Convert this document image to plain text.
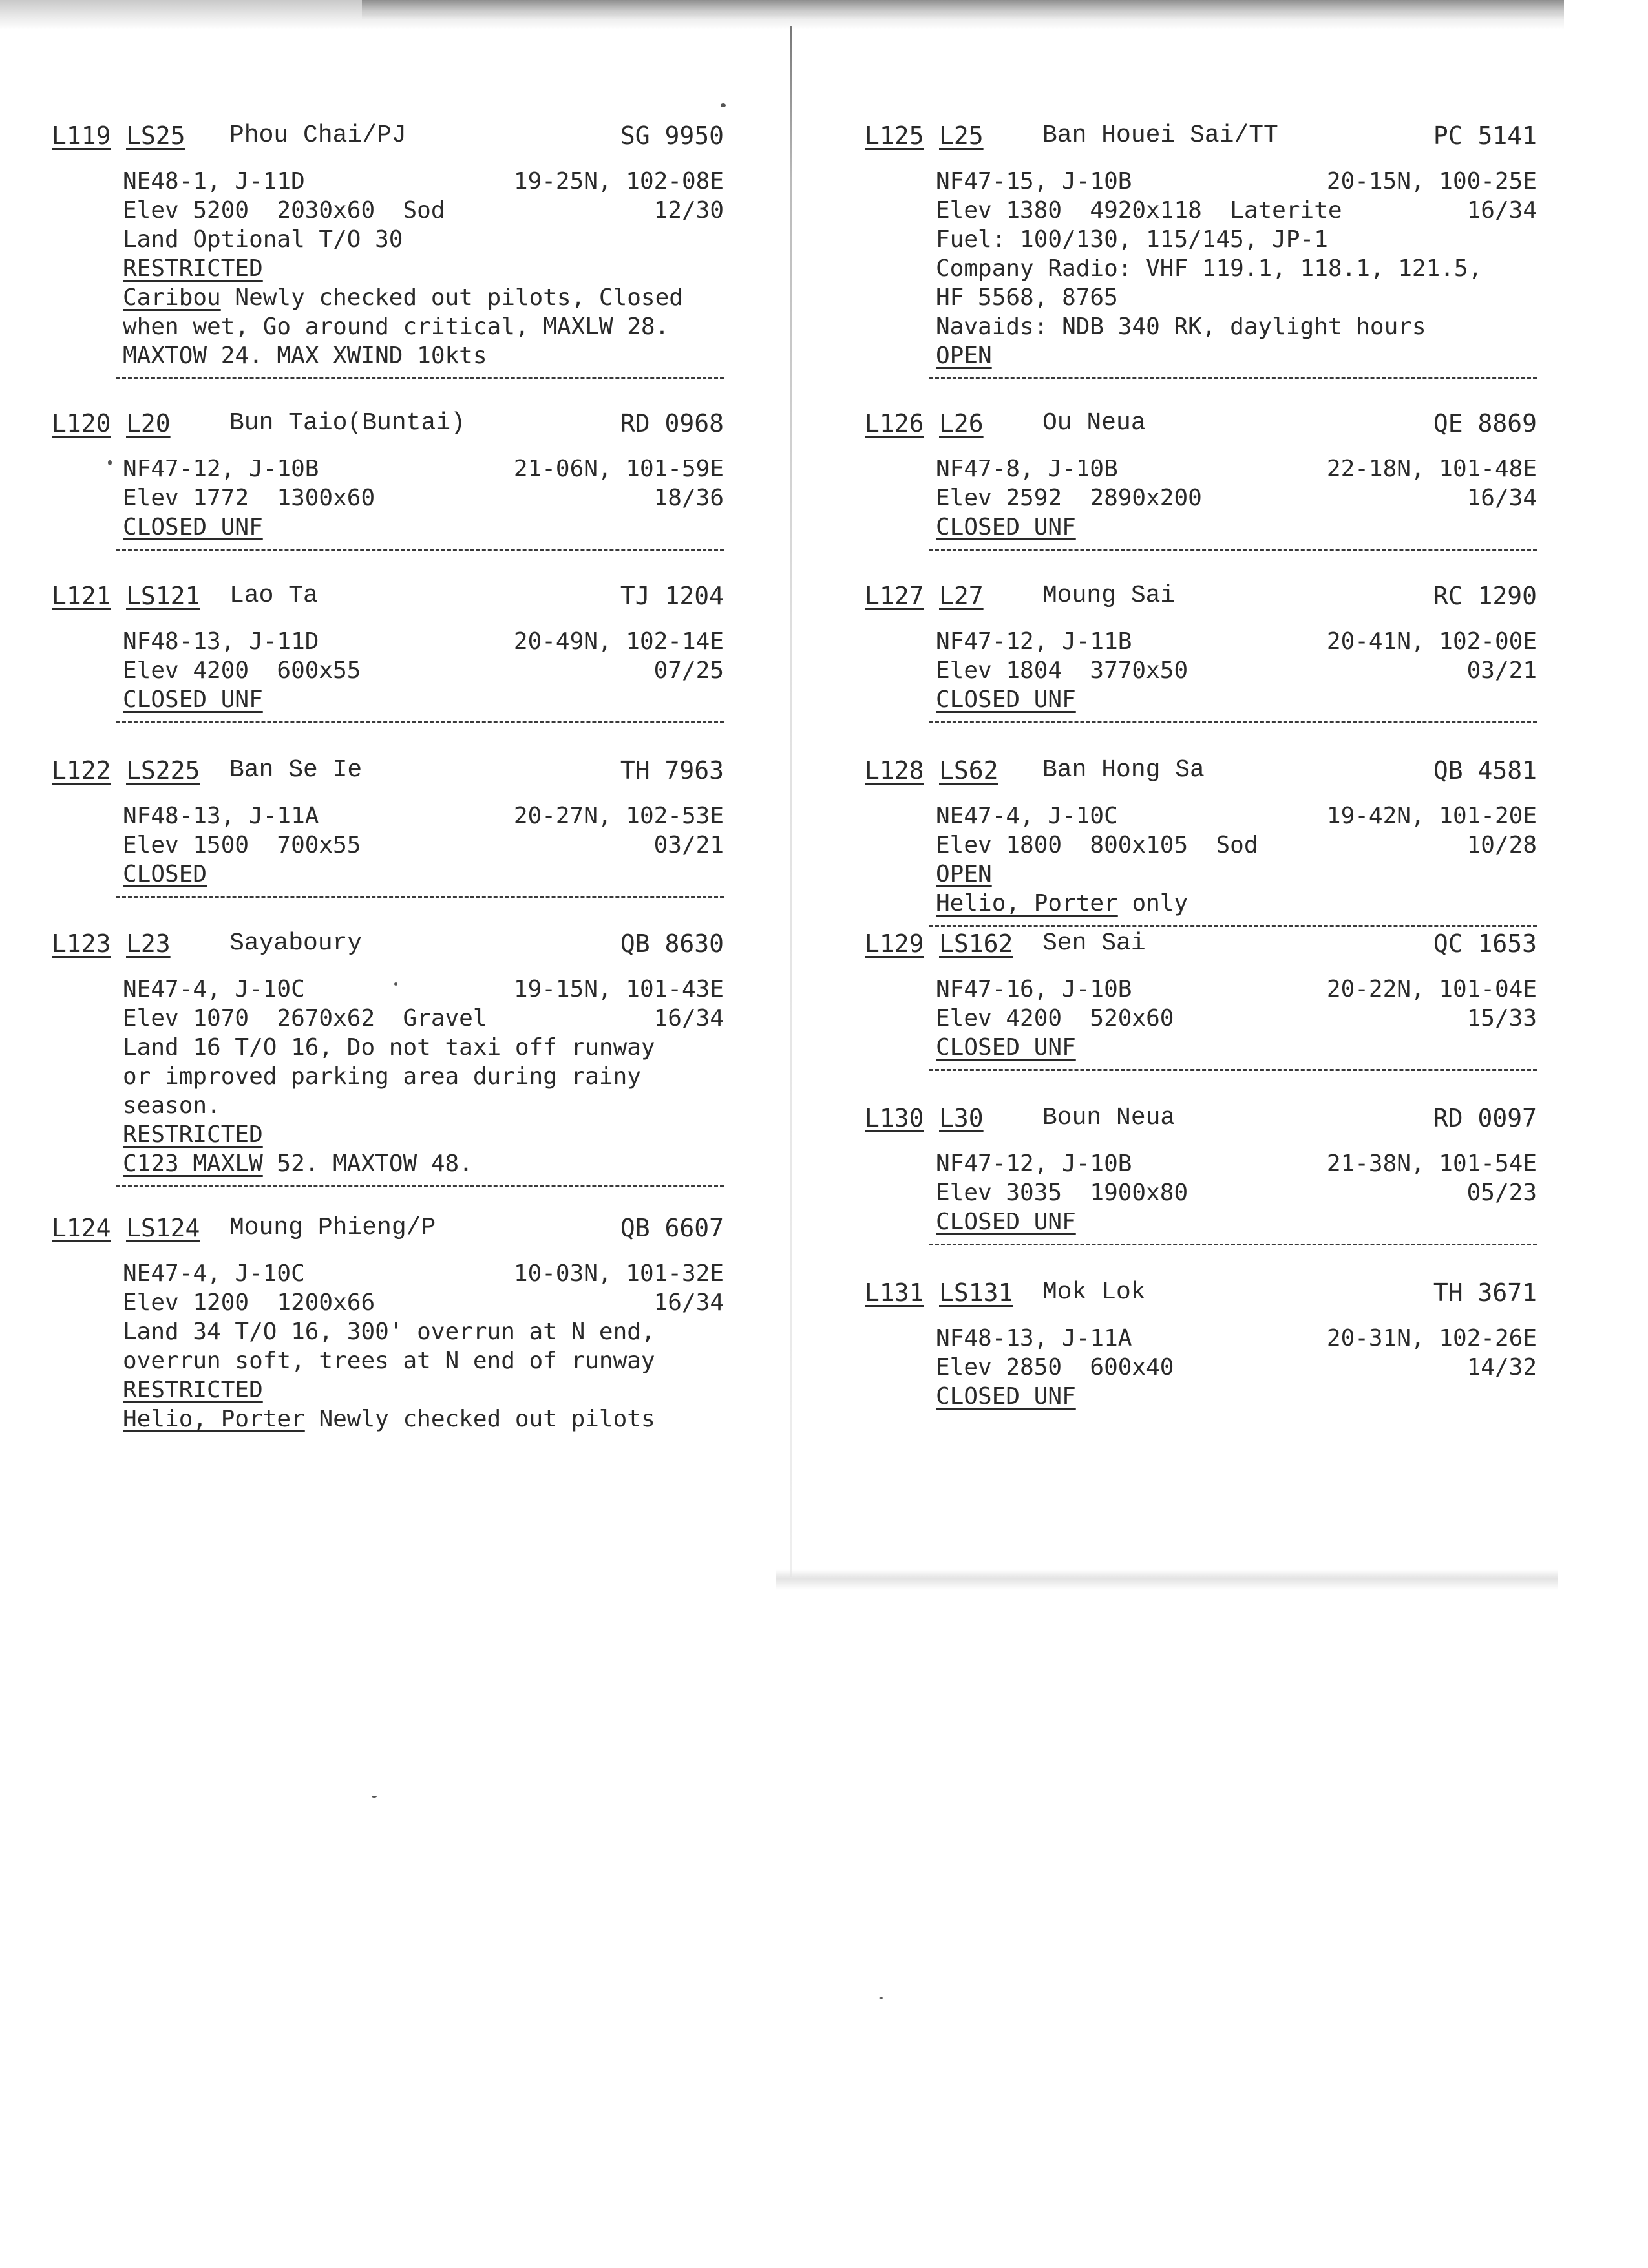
L119 LS25 Phou Chai/PJ	SG 9950
NE48-1, J-11D	19-25N, 102-08E
Elev 5200  2030x60  Sod	12/30
Land Optional T/O 30
RESTRICTED
Caribou Newly checked out pilots, Closed
when wet, Go around critical, MAXLW 28.
MAXTOW 24. MAX XWIND 10kts
L120 L20 Bun Taio(Buntai)	RD 0968
NF47-12, J-10B	21-06N, 101-59E
Elev 1772  1300x60	18/36
CLOSED UNF
L121 LS121 Lao Ta	TJ 1204
NF48-13, J-11D	20-49N, 102-14E
Elev 4200  600x55	07/25
CLOSED UNF
L122 LS225 Ban Se Ie	TH 7963
NF48-13, J-11A	20-27N, 102-53E
Elev 1500  700x55	03/21
CLOSED
L123 L23 Sayaboury	QB 8630
NE47-4, J-10C	19-15N, 101-43E
Elev 1070  2670x62  Gravel	16/34
Land 16 T/O 16, Do not taxi off runway
or improved parking area during rainy
season.
RESTRICTED
C123 MAXLW 52. MAXTOW 48.
L124 LS124 Moung Phieng/P	QB 6607
NE47-4, J-10C	10-03N, 101-32E
Elev 1200  1200x66	16/34
Land 34 T/O 16, 300' overrun at N end,
overrun soft, trees at N end of runway
RESTRICTED
Helio, Porter Newly checked out pilots
L125 L25 Ban Houei Sai/TT	PC 5141
NF47-15, J-10B	20-15N, 100-25E
Elev 1380  4920x118  Laterite	16/34
Fuel: 100/130, 115/145, JP-1
Company Radio: VHF 119.1, 118.1, 121.5,
HF 5568, 8765
Navaids: NDB 340 RK, daylight hours
OPEN
L126 L26 Ou Neua	QE 8869
NF47-8, J-10B	22-18N, 101-48E
Elev 2592  2890x200	16/34
CLOSED UNF
L127 L27 Moung Sai	RC 1290
NF47-12, J-11B	20-41N, 102-00E
Elev 1804  3770x50	03/21
CLOSED UNF
L128 LS62 Ban Hong Sa	QB 4581
NE47-4, J-10C	19-42N, 101-20E
Elev 1800  800x105  Sod	10/28
OPEN
Helio, Porter only
L129 LS162 Sen Sai	QC 1653
NF47-16, J-10B	20-22N, 101-04E
Elev 4200  520x60	15/33
CLOSED UNF
L130 L30 Boun Neua	RD 0097
NF47-12, J-10B	21-38N, 101-54E
Elev 3035  1900x80	05/23
CLOSED UNF
L131 LS131 Mok Lok	TH 3671
NF48-13, J-11A	20-31N, 102-26E
Elev 2850  600x40	14/32
CLOSED UNF
